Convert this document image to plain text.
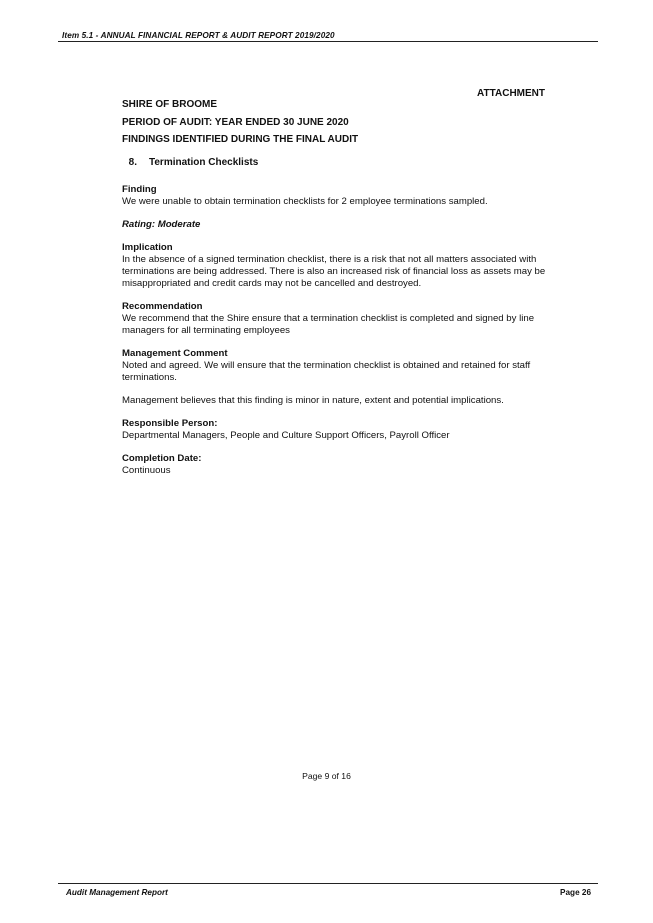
Item 5.1 - ANNUAL FINANCIAL REPORT & AUDIT REPORT 2019/2020
ATTACHMENT
SHIRE OF BROOME
PERIOD OF AUDIT: YEAR ENDED 30 JUNE 2020
FINDINGS IDENTIFIED DURING THE FINAL AUDIT
8. Termination Checklists
Finding

We were unable to obtain termination checklists for 2 employee terminations sampled.

Rating: Moderate
Implication

In the absence of a signed termination checklist, there is a risk that not all matters associated with terminations are being addressed. There is also an increased risk of financial loss as assets may be misappropriated and credit cards may not be cancelled and destroyed.

Recommendation

We recommend that the Shire ensure that a termination checklist is completed and signed by line managers for all terminating employees

Management Comment

Noted and agreed. We will ensure that the termination checklist is obtained and retained for staff terminations.

Management believes that this finding is minor in nature, extent and potential implications.

Responsible Person:

Departmental Managers, People and Culture Support Officers, Payroll Officer

Completion Date:

Continuous

Page 9 of 16
Audit Management Report	Page 26
